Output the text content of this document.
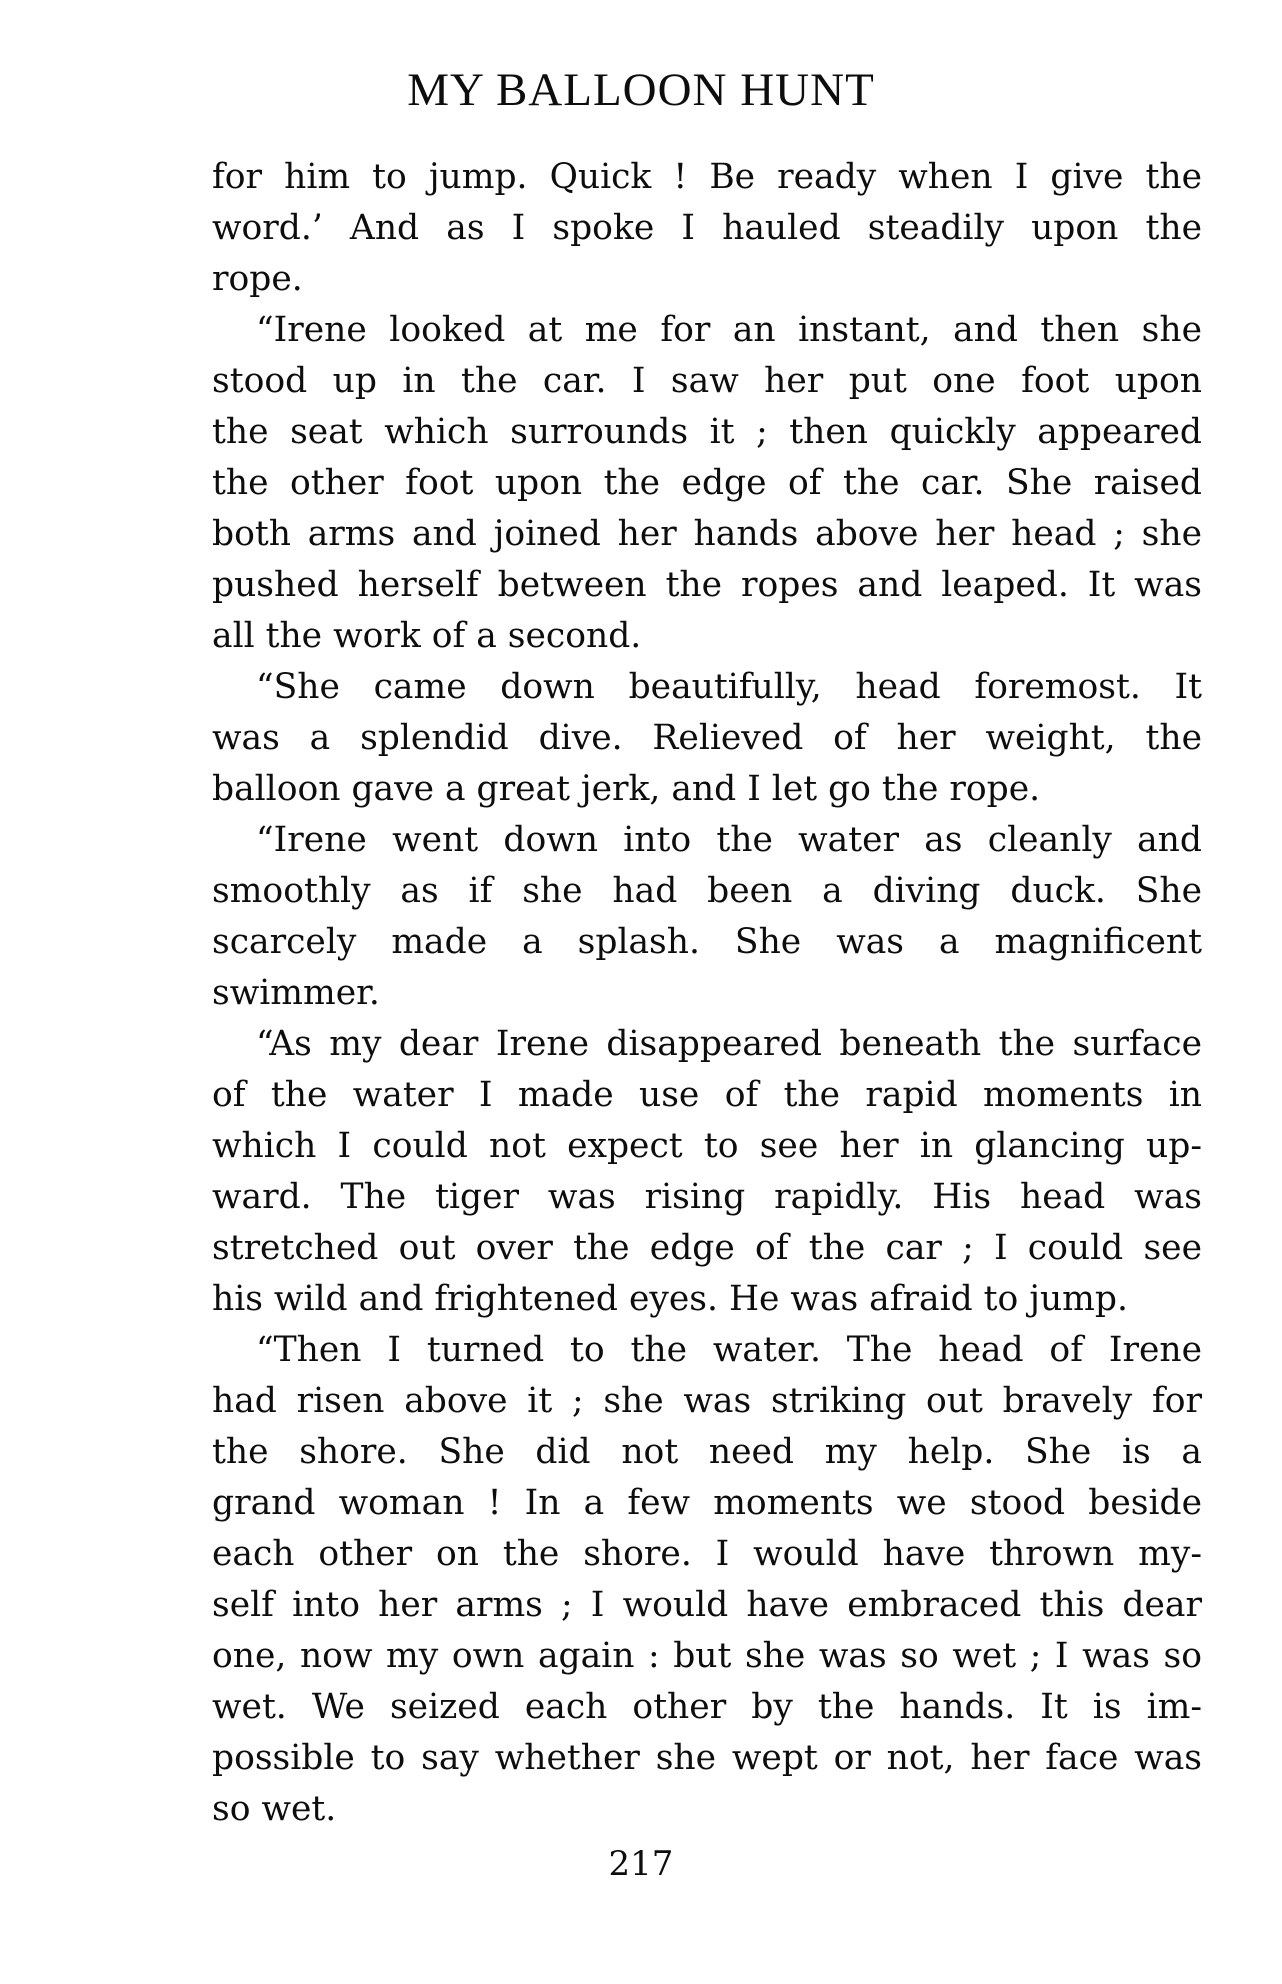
MY BALLOON HUNT
for him to jump. Quick ! Be ready when I give the
word.’ And as I spoke I hauled steadily upon the
rope.
“Irene looked at me for an instant, and then she
stood up in the car. I saw her put one foot upon
the seat which surrounds it ; then quickly appeared
the other foot upon the edge of the car. She raised
both arms and joined her hands above her head ; she
pushed herself between the ropes and leaped. It was
all the work of a second.
“She came down beautifully, head foremost. It
was a splendid dive. Relieved of her weight, the
balloon gave a great jerk, and I let go the rope.
“Irene went down into the water as cleanly and
smoothly as if she had been a diving duck. She
scarcely made a splash. She was a magnificent
swimmer.
“As my dear Irene disappeared beneath the surface
of the water I made use of the rapid moments in
which I could not expect to see her in glancing up-
ward. The tiger was rising rapidly. His head was
stretched out over the edge of the car ; I could see
his wild and frightened eyes. He was afraid to jump.
“Then I turned to the water. The head of Irene
had risen above it ; she was striking out bravely for
the shore. She did not need my help. She is a
grand woman ! In a few moments we stood beside
each other on the shore. I would have thrown my-
self into her arms ; I would have embraced this dear
one, now my own again : but she was so wet ; I was so
wet. We seized each other by the hands. It is im-
possible to say whether she wept or not, her face was
so wet.
217
